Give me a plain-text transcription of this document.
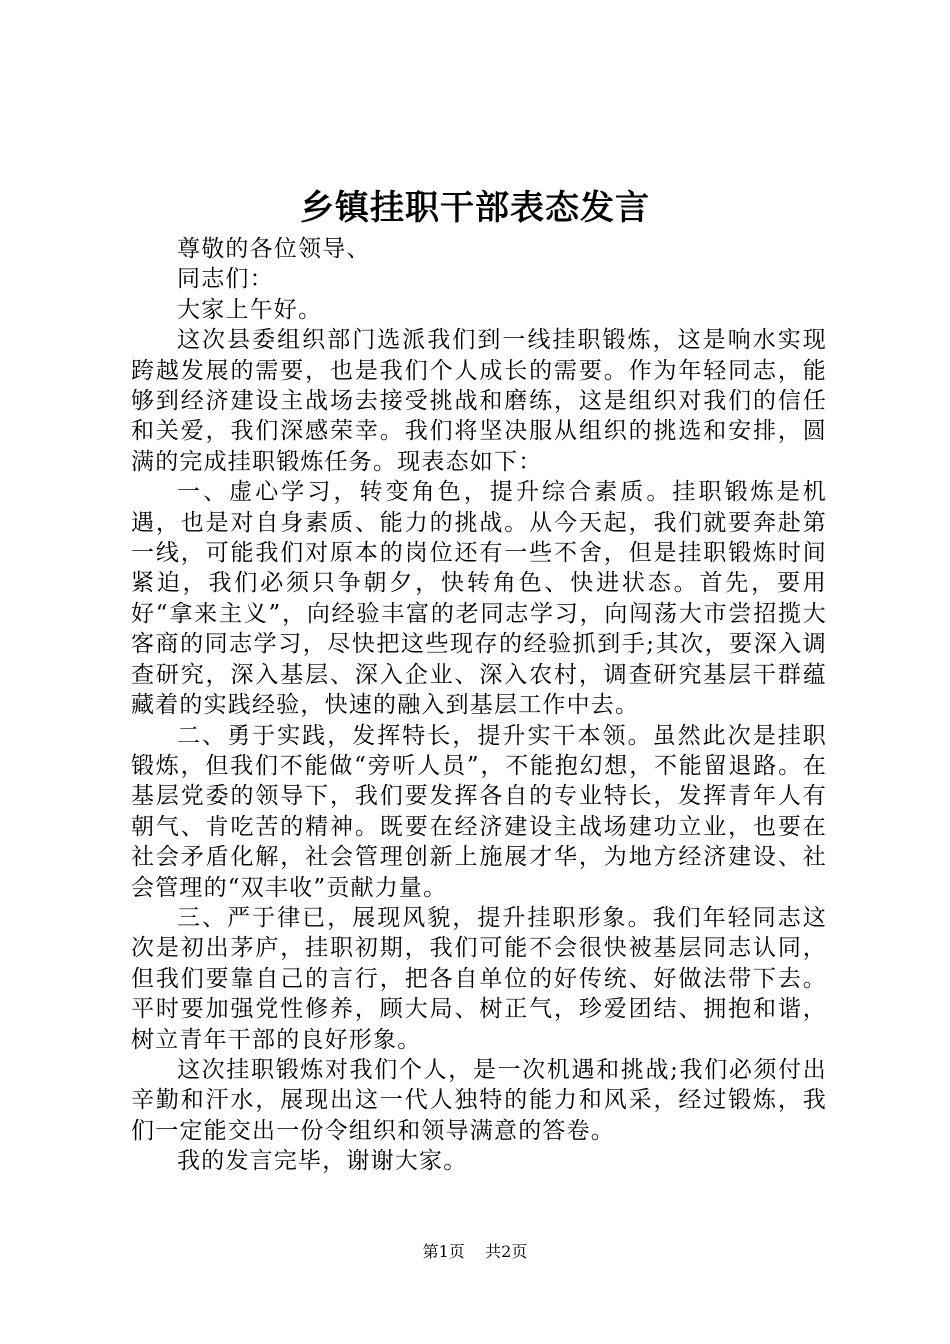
乡镇挂职干部表态发言

尊敬的各位领导、

同志们：

大家上午好。

这次县委组织部门选派我们到一线挂职锻炼，这是响水实现跨越发展的需要，也是我们个人成长的需要。作为年轻同志，能够到经济建设主战场去接受挑战和磨练，这是组织对我们的信任和关爱，我们深感荣幸。我们将坚决服从组织的挑选和安排，圆满的完成挂职锻炼任务。现表态如下：

一、虚心学习，转变角色，提升综合素质。挂职锻炼是机遇，也是对自身素质、能力的挑战。从今天起，我们就要奔赴第一线，可能我们对原本的岗位还有一些不舍，但是挂职锻炼时间紧迫，我们必须只争朝夕，快转角色、快进状态。首先，要用好“拿来主义”，向经验丰富的老同志学习，向闯荡大市尝招揽大客商的同志学习，尽快把这些现存的经验抓到手;其次，要深入调查研究，深入基层、深入企业、深入农村，调查研究基层干群蕴藏着的实践经验，快速的融入到基层工作中去。

二、勇于实践，发挥特长，提升实干本领。虽然此次是挂职锻炼，但我们不能做“旁听人员”，不能抱幻想，不能留退路。在基层党委的领导下，我们要发挥各自的专业特长，发挥青年人有朝气、肯吃苦的精神。既要在经济建设主战场建功立业，也要在社会矛盾化解，社会管理创新上施展才华，为地方经济建设、社会管理的“双丰收”贡献力量。

三、严于律已，展现风貌，提升挂职形象。我们年轻同志这次是初出茅庐，挂职初期，我们可能不会很快被基层同志认同，但我们要靠自己的言行，把各自单位的好传统、好做法带下去。平时要加强党性修养，顾大局、树正气，珍爱团结、拥抱和谐，树立青年干部的良好形象。

这次挂职锻炼对我们个人，是一次机遇和挑战;我们必须付出辛勤和汗水，展现出这一代人独特的能力和风采，经过锻炼，我们一定能交出一份令组织和领导满意的答卷。

我的发言完毕，谢谢大家。

第1页 共2页
